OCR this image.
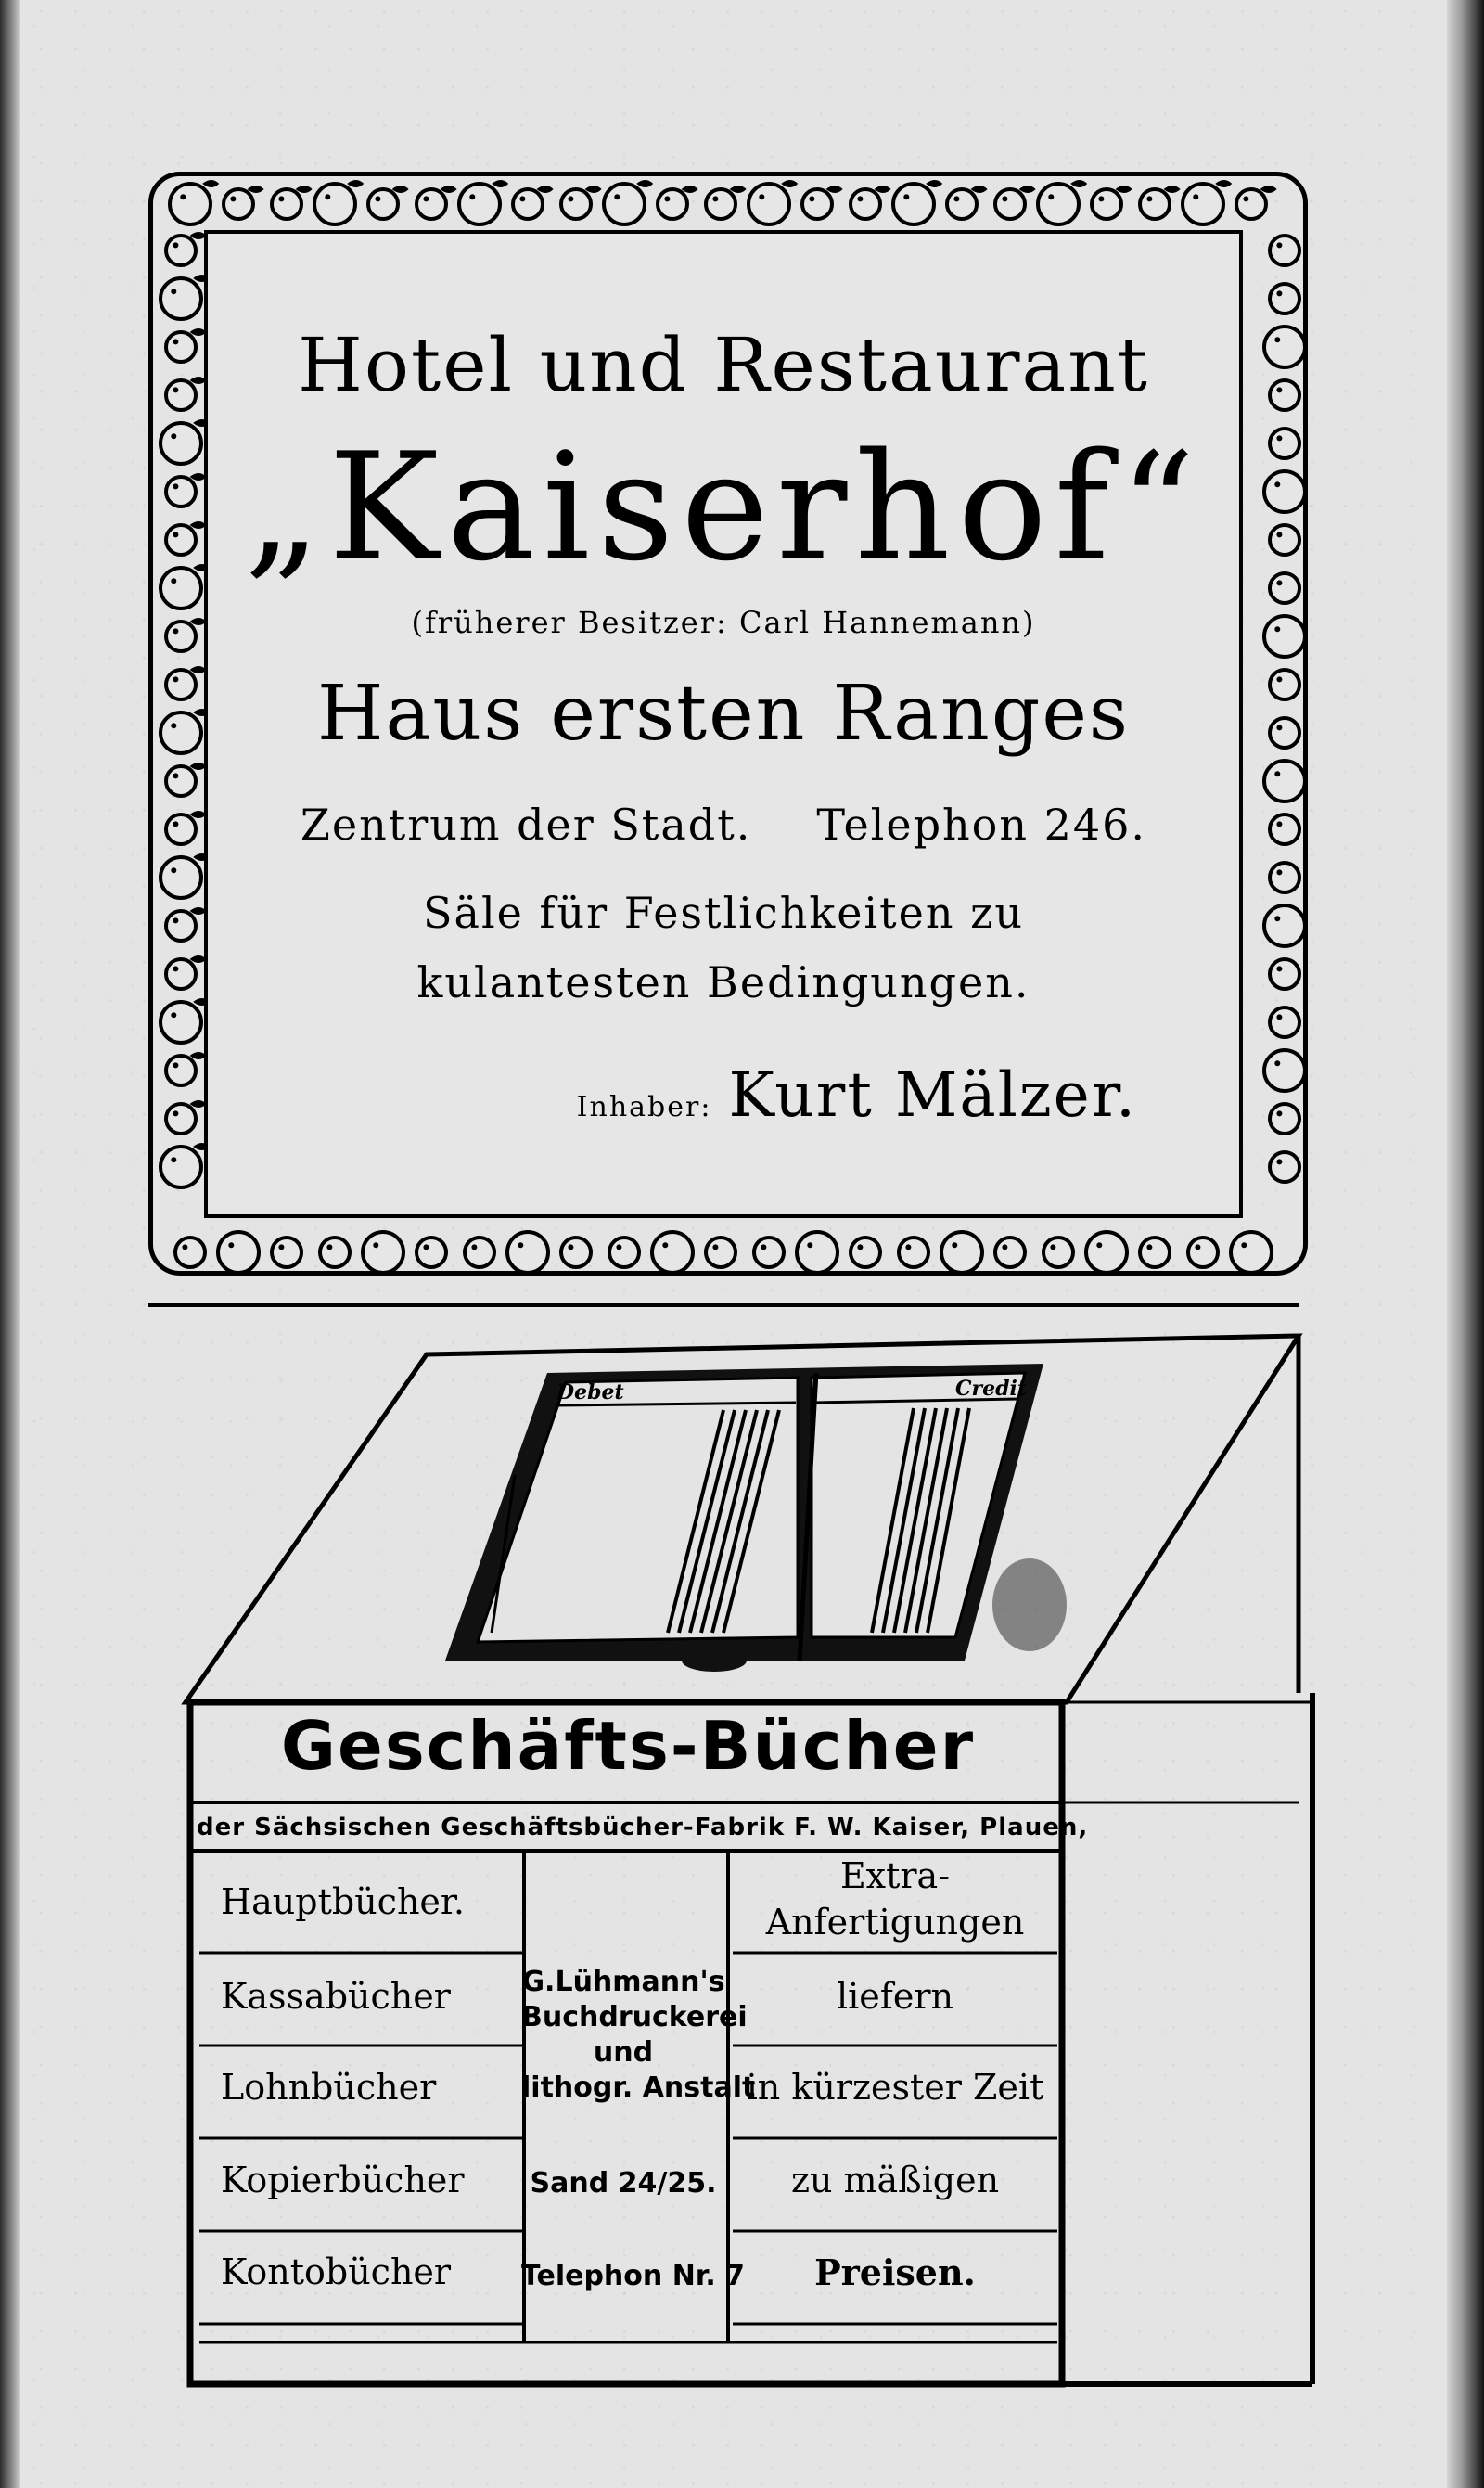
Hotel und Restaurant
„Kaiserhof“
(früherer Besitzer: Carl Hannemann)
Haus ersten Ranges
Zentrum der Stadt. Telephon 246.
Säle für Festlichkeiten zu
kulantesten Bedingungen.
Inhaber: Kurt Mälzer.
Debet	Credit
Geschäfts-Bücher
der Sächsischen Geschäftsbücher-Fabrik F. W. Kaiser, Plauen,
Hauptbücher.
Kassabücher
Lohnbücher
Kopierbücher
Kontobücher
G.Lühmann's
Buchdruckerei
und
lithogr. Anstalt
Sand 24/25.
Telephon Nr. 7
Extra-
Anfertigungen
liefern
in kürzester Zeit
zu mäßigen
Preisen.
